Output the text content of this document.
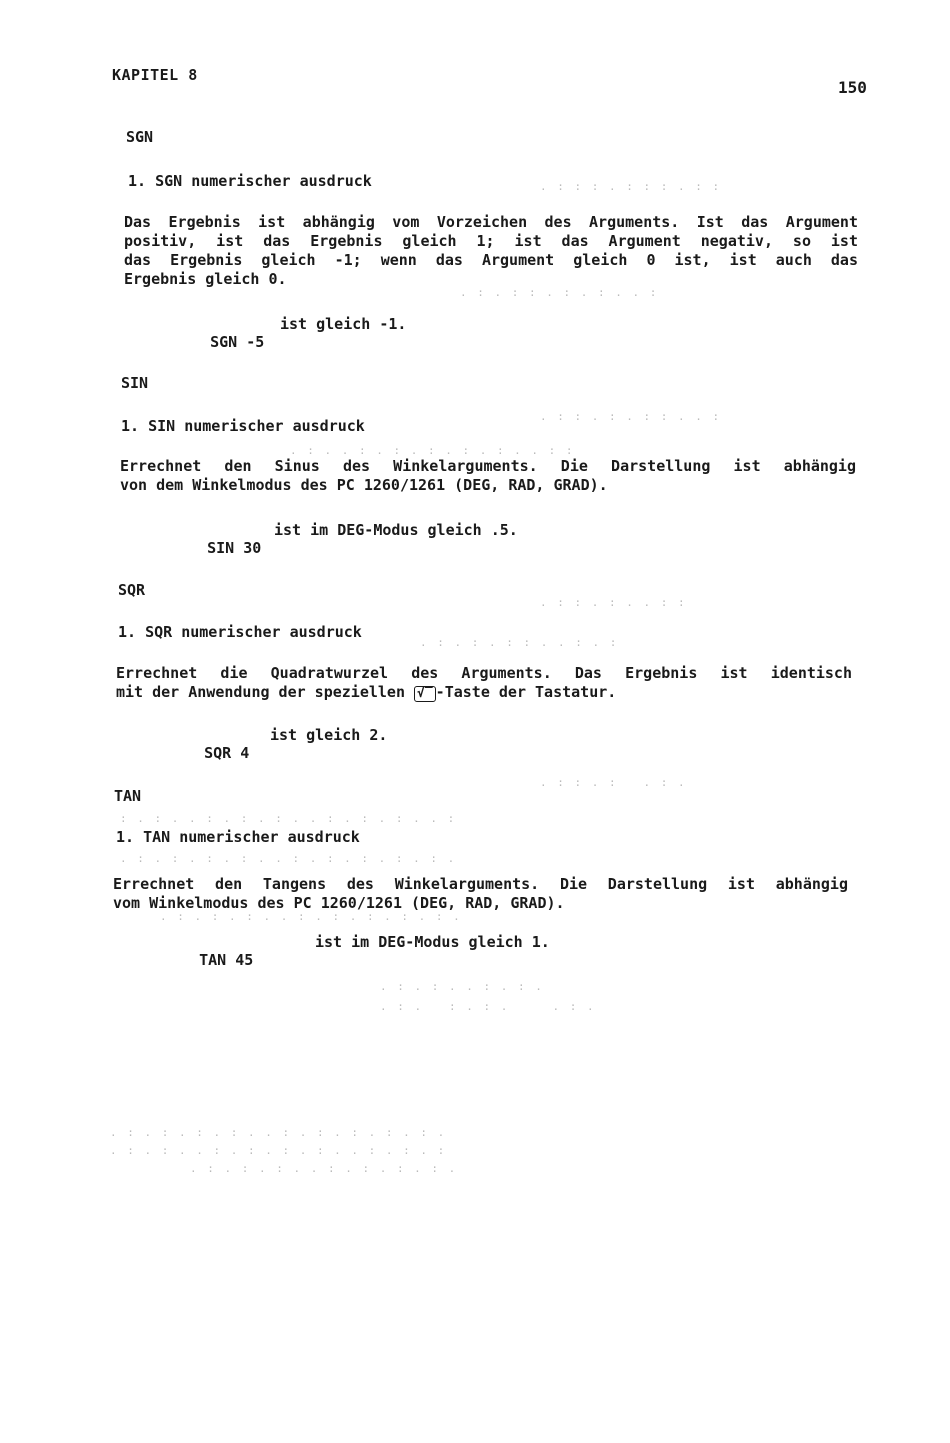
KAPITEL 8
150
SGN
1. SGN numerischer ausdruck
Das Ergebnis ist abhängig vom Vorzeichen des Arguments. Ist das Argument
positiv, ist das Ergebnis gleich 1; ist das Argument negativ, so ist
das Ergebnis gleich -1; wenn das Argument gleich 0 ist, ist auch das
Ergebnis gleich 0.

SGN -5

ist gleich -1.

SIN
1. SIN numerischer ausdruck
Errechnet den Sinus des Winkelarguments. Die Darstellung ist abhängig
von dem Winkelmodus des PC 1260/1261 (DEG, RAD, GRAD).

SIN 30

ist im DEG-Modus gleich .5.

SQR
1. SQR numerischer ausdruck
Errechnet die Quadratwurzel des Arguments. Das Ergebnis ist identisch
mit der Anwendung der speziellen √‾ -Taste der Tastatur.

SQR 4

ist gleich 2.

TAN
1. TAN numerischer ausdruck
Errechnet den Tangens des Winkelarguments. Die Darstellung ist abhängig
vom Winkelmodus des PC 1260/1261 (DEG, RAD, GRAD).

TAN 45

ist im DEG-Modus gleich 1.

. : : : . : : : . : :
. : . : : . : . : . . :
. : : . : . : : . . :
. : . . : . : . : . : . : . . : :
. : : . : . . : :
. : . : . : : . . : . :
. : : . :   . : .
: . : . . : . : . : . . : . : . : . . :
. : . : . : . : . . : . : . : . : . : .
. : . : . : . . : . : . : . : . : .
. : . : . . : . : .
. : .   : . : .     . : .
. : . : . : . : . . : . : . : . : . : .
. : . : . . : . : . : . : . . : . : . :
. : . : . : . . : . : . : . : .
